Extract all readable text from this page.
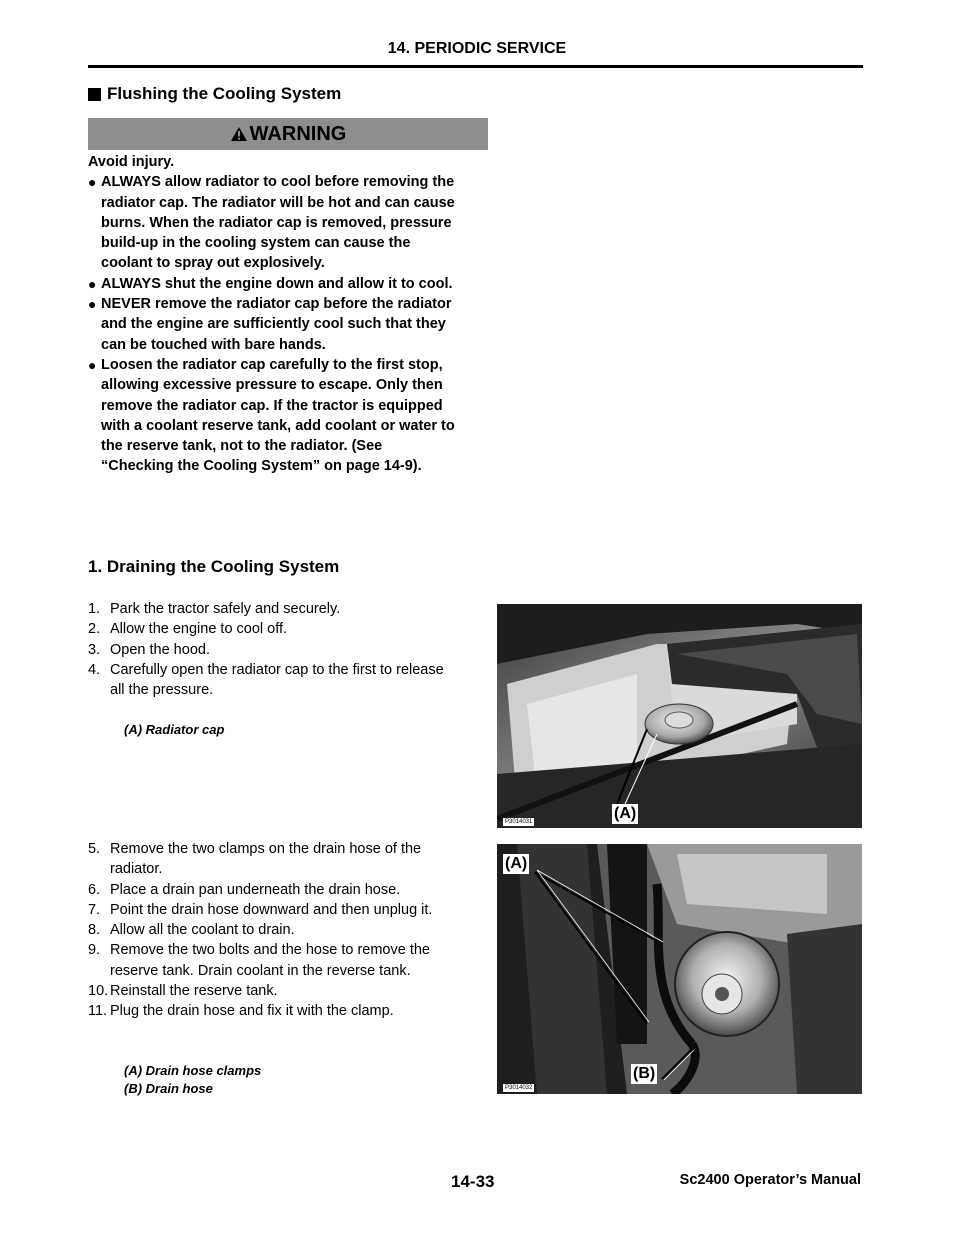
14. PERIODIC SERVICE
Flushing the Cooling System
WARNING

Avoid injury.

● ALWAYS allow radiator to cool before removing the radiator cap. The radiator will be hot and can cause burns. When the radiator cap is removed, pressure build-up in the cooling system can cause the coolant to spray out explosively.
● ALWAYS shut the engine down and allow it to cool.
● NEVER remove the radiator cap before the radiator and the engine are sufficiently cool such that they can be touched with bare hands.
● Loosen the radiator cap carefully to the first stop, allowing excessive pressure to escape. Only then remove the radiator cap. If the tractor is equipped with a coolant reserve tank, add coolant or water to the reserve tank, not to the radiator. (See “Checking the Cooling System” on page 14-9).
1. Draining the Cooling System
1. Park the tractor safely and securely.
2. Allow the engine to cool off.
3. Open the hood.
4. Carefully open the radiator cap to the first to release all the pressure.
(A) Radiator cap
(A)
P3014031
5. Remove the two clamps on the drain hose of the radiator.
6. Place a drain pan underneath the drain hose.
7. Point the drain hose downward and then unplug it.
8. Allow all the coolant to drain.
9. Remove the two bolts and the hose to remove the reserve tank. Drain coolant in the reverse tank.
10. Reinstall the reserve tank.
11. Plug the drain hose and fix it with the clamp.
(A) Drain hose clamps
(B) Drain hose
(A)
(B)
P3014032
14-33	Sc2400 Operator’s Manual
